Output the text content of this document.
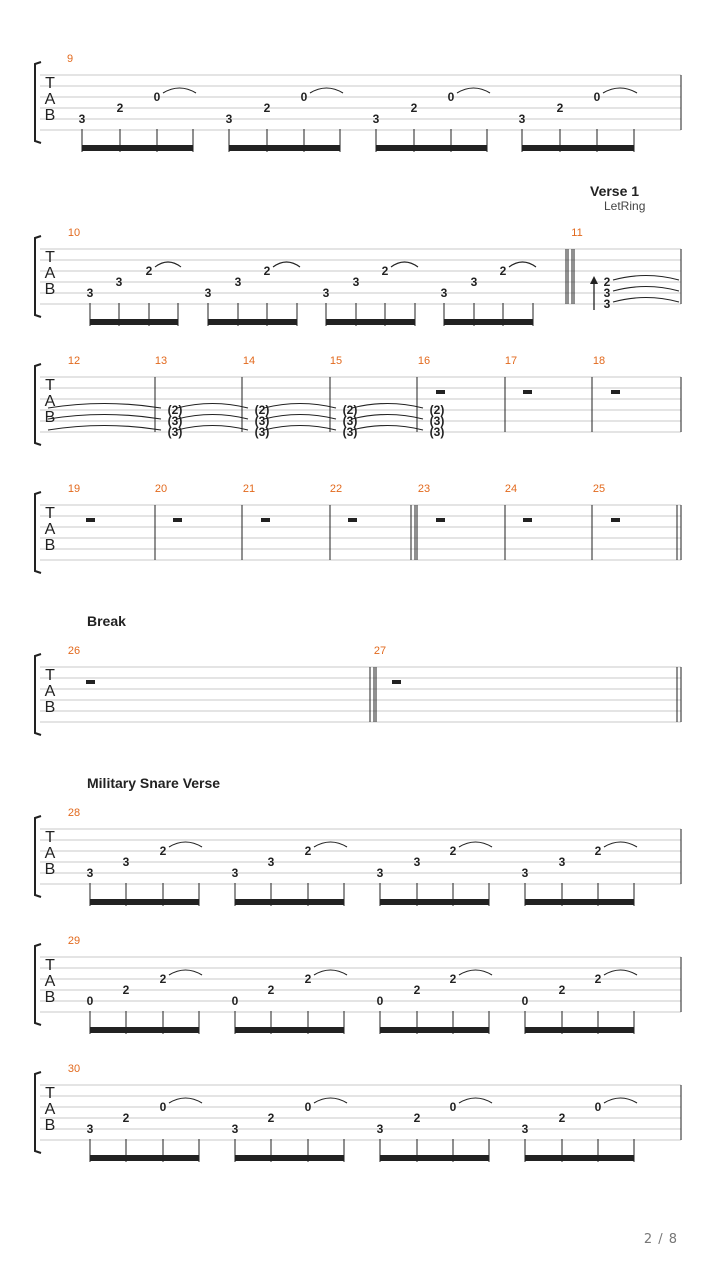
T
A
B
9
3
2
0
3
2
0
3
2
0
3
2
0
T
A
B
10
3
3
2
3
3
2
3
3
2
3
3
2
11
2
3
3
T
A
B
12
(2)
(3)
(3)
13
(2)
(3)
(3)
14
(2)
(3)
(3)
15
(2)
(3)
(3)
16	17	18
T
A
B
19	20	21	22	23	24	25
T
A
B
26	27
T
A
B
28
3
3
2
3
3
2
3
3
2
3
3
2
T
A
B
29
0
2
2
0
2
2
0
2
2
0
2
2
T
A
B
30
3
2
0
3
2
0
3
2
0
3
2
0
Verse 1
LetRing
Break
Military Snare Verse
2 / 8
